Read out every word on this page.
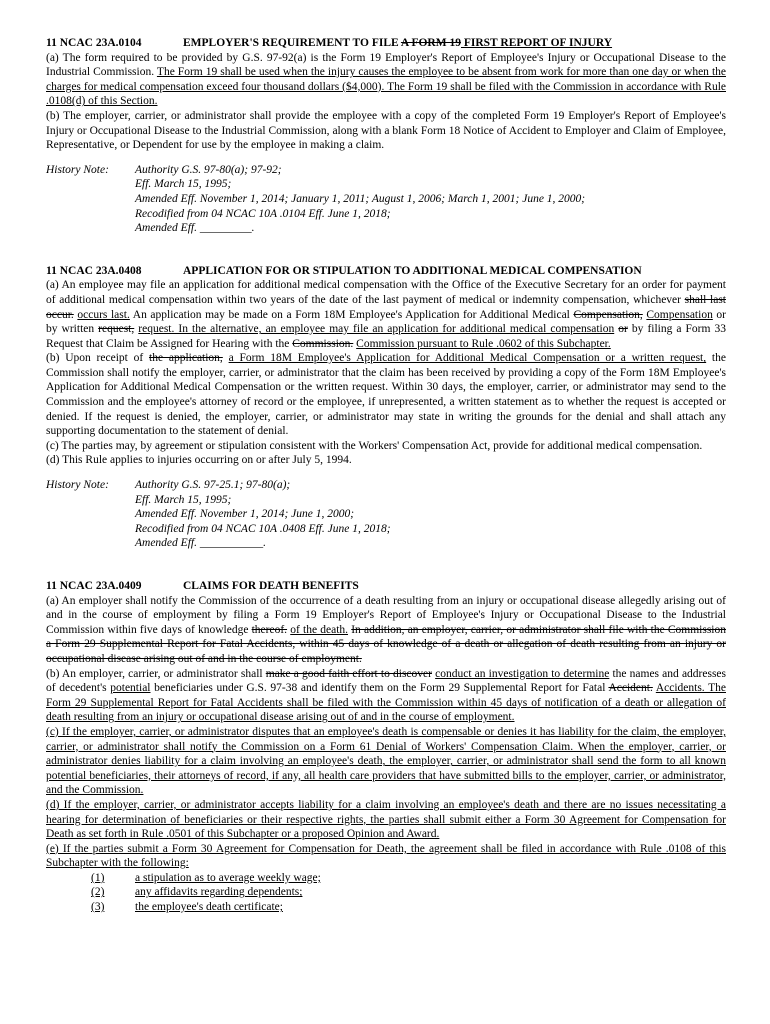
11 NCAC 23A.0104	EMPLOYER'S REQUIREMENT TO FILE A FORM 19 FIRST REPORT OF INJURY
(a) The form required to be provided by G.S. 97-92(a) is the Form 19 Employer's Report of Employee's Injury or Occupational Disease to the Industrial Commission. The Form 19 shall be used when the injury causes the employee to be absent from work for more than one day or when the charges for medical compensation exceed four thousand dollars ($4,000). The Form 19 shall be filed with the Commission in accordance with Rule .0108(d) of this Section.
(b) The employer, carrier, or administrator shall provide the employee with a copy of the completed Form 19 Employer's Report of Employee's Injury or Occupational Disease to the Industrial Commission, along with a blank Form 18 Notice of Accident to Employer and Claim of Employee, Representative, or Dependent for use by the employee in making a claim.
History Note:	Authority G.S. 97-80(a); 97-92;
Eff. March 15, 1995;
Amended Eff. November 1, 2014; January 1, 2011; August 1, 2006; March 1, 2001; June 1, 2000;
Recodified from 04 NCAC 10A .0104 Eff. June 1, 2018;
Amended Eff. _________.
11 NCAC 23A.0408	APPLICATION FOR OR STIPULATION TO ADDITIONAL MEDICAL COMPENSATION
(a) An employee may file an application for additional medical compensation with the Office of the Executive Secretary for an order for payment of additional medical compensation within two years of the date of the last payment of medical or indemnity compensation, whichever shall last occur. occurs last. An application may be made on a Form 18M Employee's Application for Additional Medical Compensation, Compensation or by written request, request. In the alternative, an employee may file an application for additional medical compensation or by filing a Form 33 Request that Claim be Assigned for Hearing with the Commission. Commission pursuant to Rule .0602 of this Subchapter.
(b) Upon receipt of the application, a Form 18M Employee's Application for Additional Medical Compensation or a written request, the Commission shall notify the employer, carrier, or administrator that the claim has been received by providing a copy of the Form 18M Employee's Application for Additional Medical Compensation or the written request. Within 30 days, the employer, carrier, or administrator may send to the Commission and the employee's attorney of record or the employee, if unrepresented, a written statement as to whether the request is accepted or denied. If the request is denied, the employer, carrier, or administrator may state in writing the grounds for the denial and shall attach any supporting documentation to the statement of denial.
(c) The parties may, by agreement or stipulation consistent with the Workers' Compensation Act, provide for additional medical compensation.
(d) This Rule applies to injuries occurring on or after July 5, 1994.
History Note:	Authority G.S. 97-25.1; 97-80(a);
Eff. March 15, 1995;
Amended Eff. November 1, 2014; June 1, 2000;
Recodified from 04 NCAC 10A .0408 Eff. June 1, 2018;
Amended Eff. ___________.
11 NCAC 23A.0409	CLAIMS FOR DEATH BENEFITS
(a) An employer shall notify the Commission of the occurrence of a death resulting from an injury or occupational disease allegedly arising out of and in the course of employment by filing a Form 19 Employer's Report of Employee's Injury or Occupational Disease to the Industrial Commission within five days of knowledge thereof. of the death. In addition, an employer, carrier, or administrator shall file with the Commission a Form 29 Supplemental Report for Fatal Accidents, within 45 days of knowledge of a death or allegation of death resulting from an injury or occupational disease arising out of and in the course of employment.
(b) An employer, carrier, or administrator shall make a good faith effort to discover conduct an investigation to determine the names and addresses of decedent's potential beneficiaries under G.S. 97-38 and identify them on the Form 29 Supplemental Report for Fatal Accident. Accidents. The Form 29 Supplemental Report for Fatal Accidents shall be filed with the Commission within 45 days of notification of a death or allegation of death resulting from an injury or occupational disease arising out of and in the course of employment.
(c) If the employer, carrier, or administrator disputes that an employee's death is compensable or denies it has liability for the claim, the employer, carrier, or administrator shall notify the Commission on a Form 61 Denial of Workers' Compensation Claim. When the employer, carrier, or administrator denies liability for a claim involving an employee's death, the employer, carrier, or administrator shall send the form to all known potential beneficiaries, their attorneys of record, if any, all health care providers that have submitted bills to the employer, carrier, or administrator, and the Commission.
(d) If the employer, carrier, or administrator accepts liability for a claim involving an employee's death and there are no issues necessitating a hearing for determination of beneficiaries or their respective rights, the parties shall submit either a Form 30 Agreement for Compensation for Death as set forth in Rule .0501 of this Subchapter or a proposed Opinion and Award.
(e) If the parties submit a Form 30 Agreement for Compensation for Death, the agreement shall be filed in accordance with Rule .0108 of this Subchapter with the following:
(1)	a stipulation as to average weekly wage;
(2)	any affidavits regarding dependents;
(3)	the employee's death certificate;
